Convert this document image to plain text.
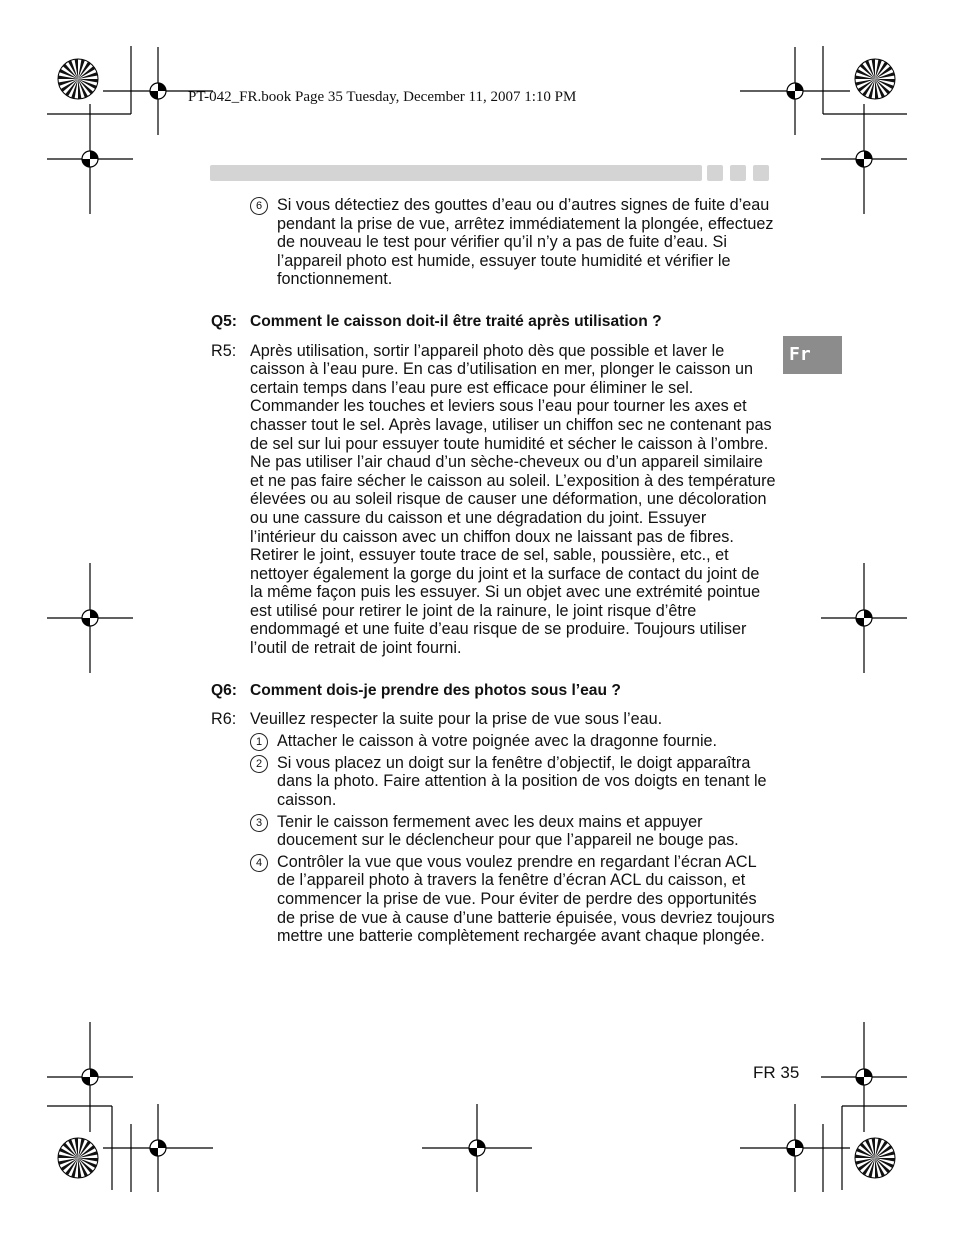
PT-042_FR.book Page 35 Tuesday, December 11, 2007 1:10 PM
Fr
6 Si vous détectiez des gouttes d’eau ou d’autres signes de fuite d’eau pendant la prise de vue, arrêtez immédiatement la plongée, effectuez de nouveau le test pour vérifier qu’il n’y a pas de fuite d’eau. Si l’appareil photo est humide, essuyer toute humidité et vérifier le fonctionnement.
Q5: Comment le caisson doit-il être traité après utilisation ?
R5: Après utilisation, sortir l’appareil photo dès que possible et laver le caisson à l’eau pure. En cas d’utilisation en mer, plonger le caisson un certain temps dans l’eau pure est efficace pour éliminer le sel. Commander les touches et leviers sous l’eau pour tourner les axes et chasser tout le sel. Après lavage, utiliser un chiffon sec ne contenant pas de sel sur lui pour essuyer toute humidité et sécher le caisson à l’ombre. Ne pas utiliser l’air chaud d’un sèche-cheveux ou d’un appareil similaire et ne pas faire sécher le caisson au soleil. L’exposition à des température élevées ou au soleil risque de causer une déformation, une décoloration ou une cassure du caisson et une dégradation du joint. Essuyer l’intérieur du caisson avec un chiffon doux ne laissant pas de fibres. Retirer le joint, essuyer toute trace de sel, sable, poussière, etc., et nettoyer également la gorge du joint et la surface de contact du joint de la même façon puis les essuyer. Si un objet avec une extrémité pointue est utilisé pour retirer le joint de la rainure, le joint risque d’être endommagé et une fuite d’eau risque de se produire. Toujours utiliser l’outil de retrait de joint fourni.
Q6: Comment dois-je prendre des photos sous l’eau ?
R6: Veuillez respecter la suite pour la prise de vue sous l’eau.
1 Attacher le caisson à votre poignée avec la dragonne fournie.
2 Si vous placez un doigt sur la fenêtre d’objectif, le doigt apparaîtra dans la photo. Faire attention à la position de vos doigts en tenant le caisson.
3 Tenir le caisson fermement avec les deux mains et appuyer doucement sur le déclencheur pour que l’appareil ne bouge pas.
4 Contrôler la vue que vous voulez prendre en regardant l’écran ACL de l’appareil photo à travers la fenêtre d’écran ACL du caisson, et commencer la prise de vue. Pour éviter de perdre des opportunités de prise de vue à cause d’une batterie épuisée, vous devriez toujours mettre une batterie complètement rechargée avant chaque plongée.
FR 35
